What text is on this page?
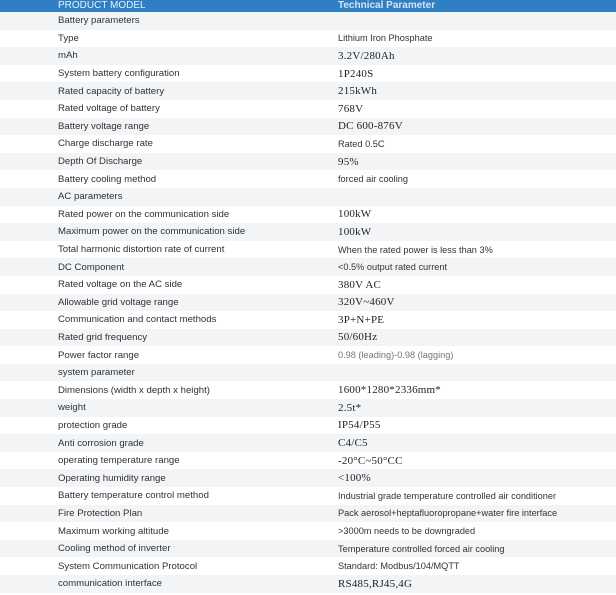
PRODUCT MODEL	Technical Parameter
Battery parameters
Type	Lithium Iron Phosphate
mAh	3.2V/280Ah
System battery configuration	1P240S
Rated capacity of battery	215kWh
Rated voltage of battery	768V
Battery voltage range	DC 600-876V
Charge discharge rate	Rated 0.5C
Depth Of Discharge	95%
Battery cooling method	forced air cooling
AC parameters
Rated power on the communication side	100kW
Maximum power on the communication side	100kW
Total harmonic distortion rate of current	When the rated power is less than 3%
DC Component	<0.5% output rated current
Rated voltage on the AC side	380V AC
Allowable grid voltage range	320V~460V
Communication and contact methods	3P+N+PE
Rated grid frequency	50/60Hz
Power factor range	0.98 (leading)-0.98 (lagging)
system parameter
Dimensions (width x depth x height)	1600*1280*2336mm*
weight	2.5t*
protection grade	IP54/P55
Anti corrosion grade	C4/C5
operating temperature range	-20°C~50°CC
Operating humidity range	<100%
Battery temperature control method	Industrial grade temperature controlled air conditioner
Fire Protection Plan	Pack aerosol+heptafluoropropane+water fire interface
Maximum working altitude	>3000m needs to be downgraded
Cooling method of inverter	Temperature controlled forced air cooling
System Communication Protocol	Standard: Modbus/104/MQTT
communication interface	RS485,RJ45,4G
